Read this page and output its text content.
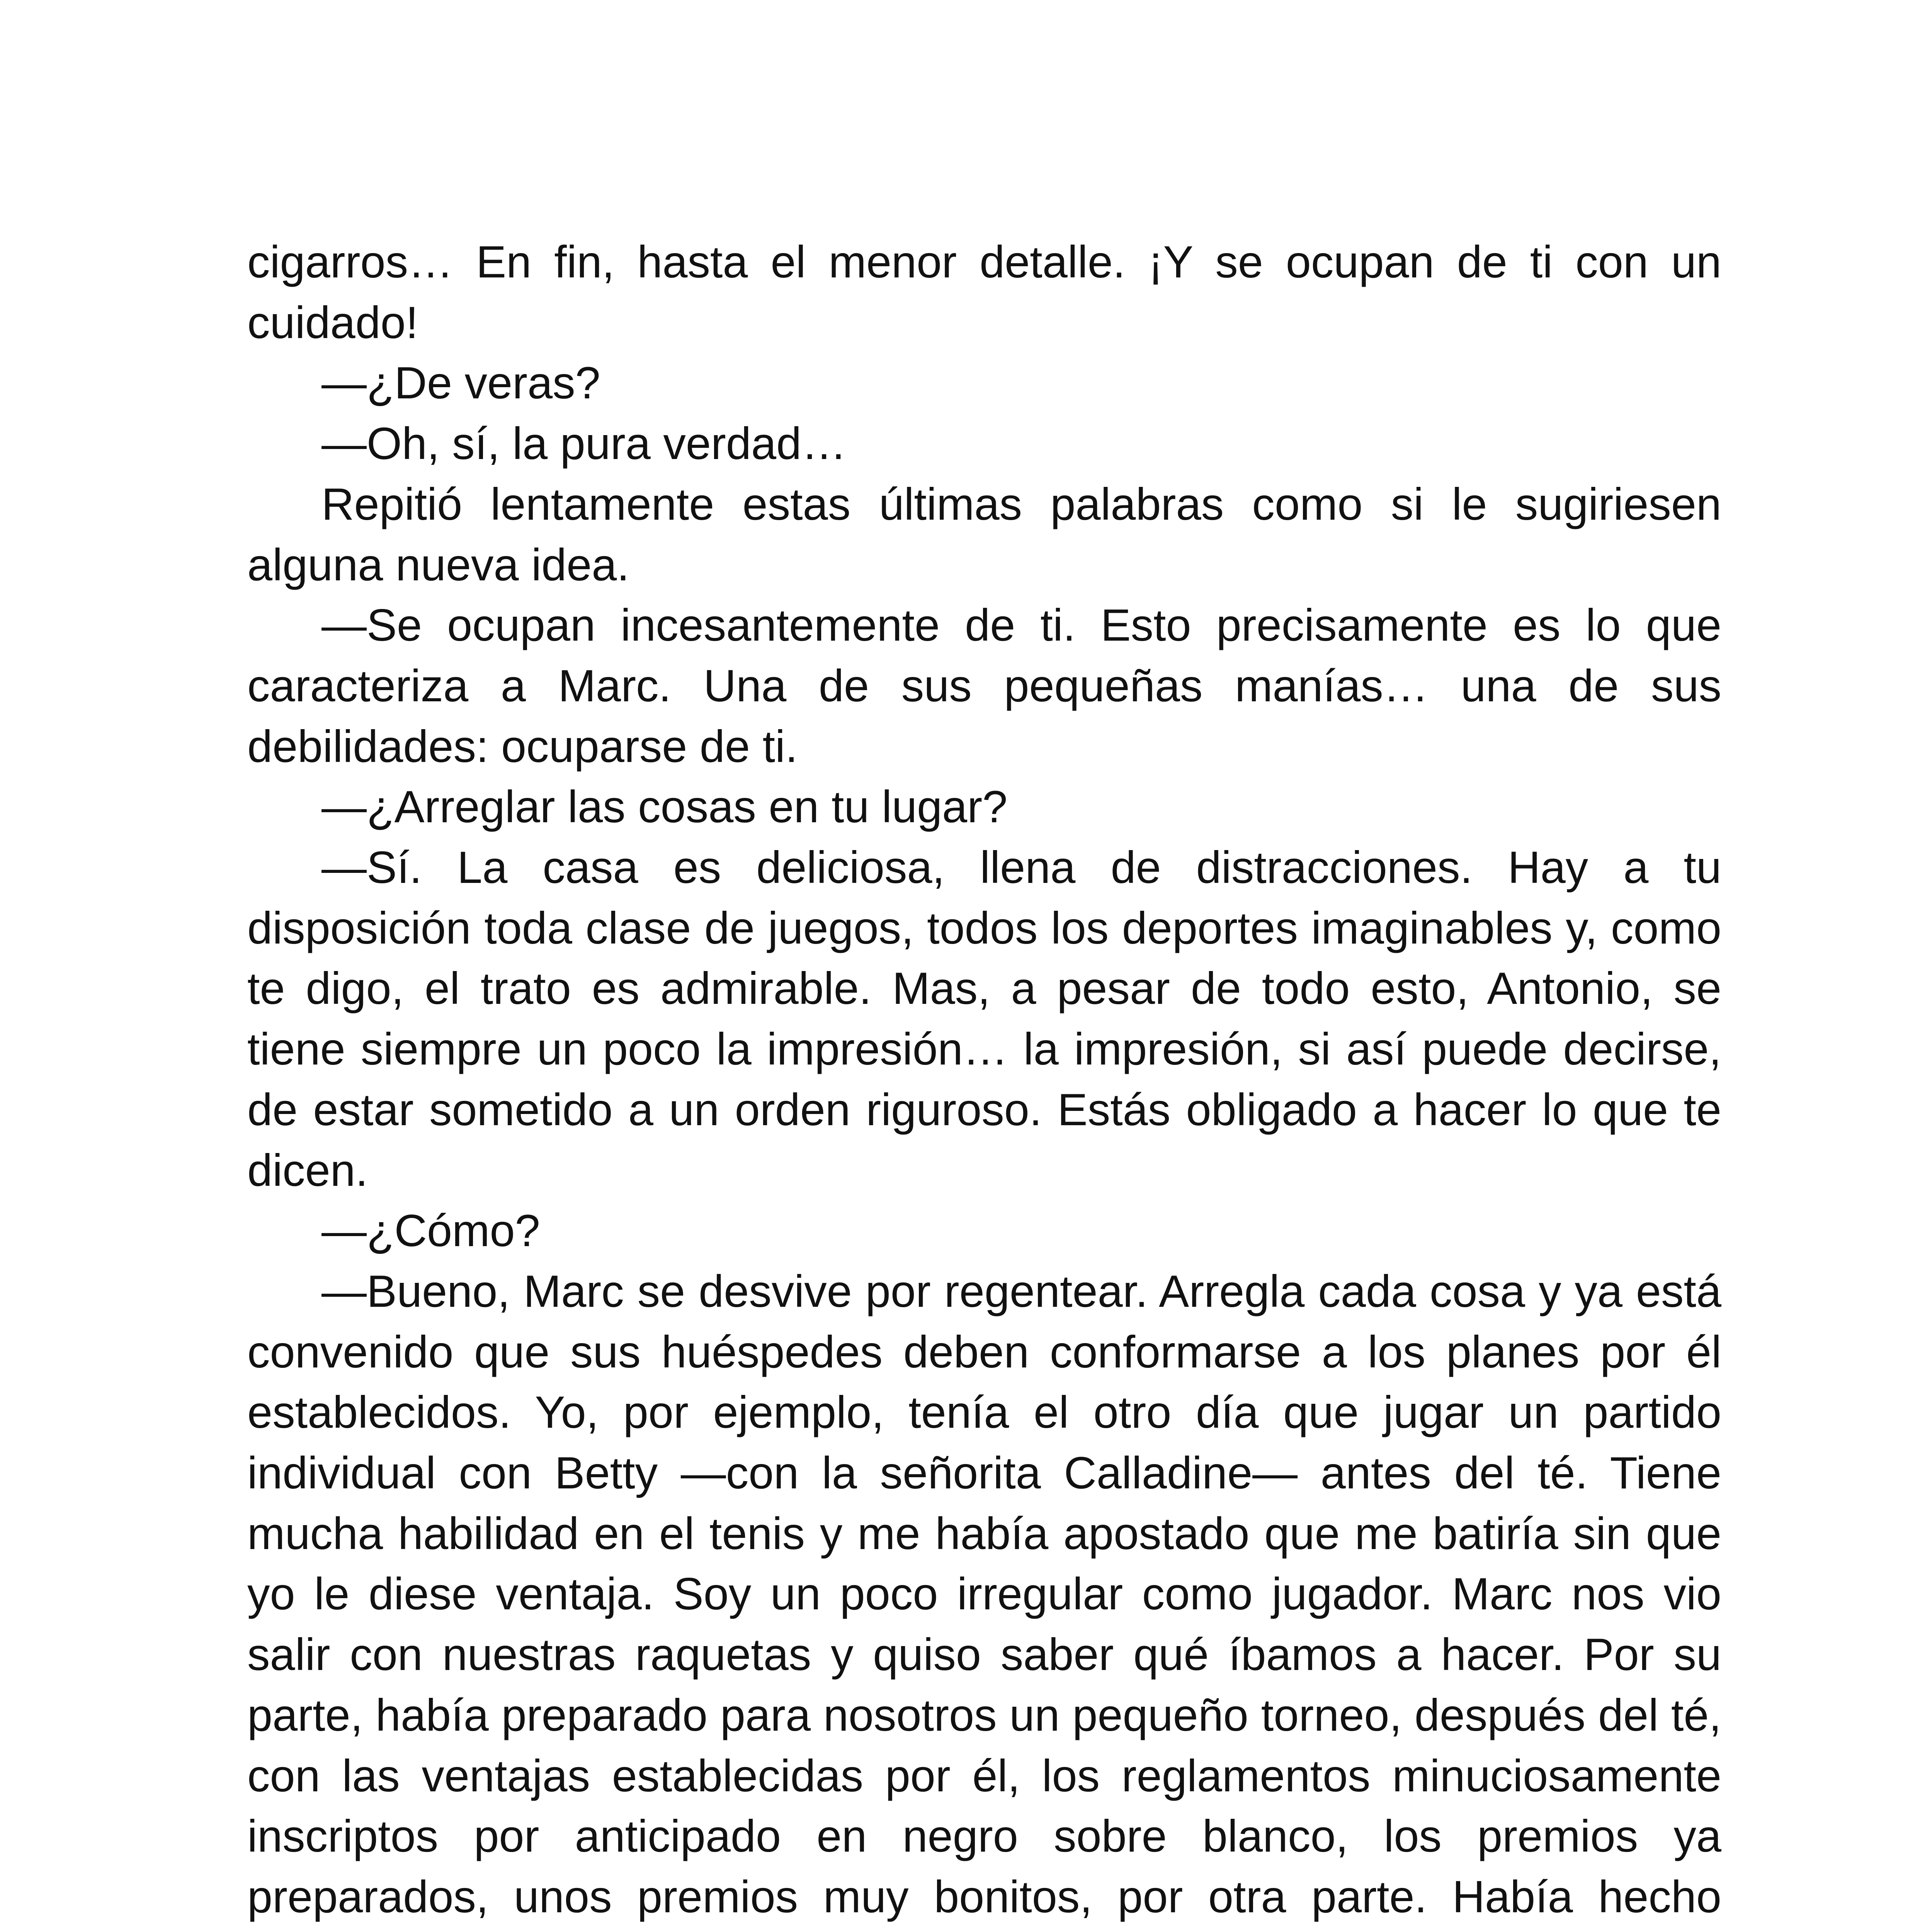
cigarros… En fin, hasta el menor detalle. ¡Y se ocupan de ti con un cuidado!

—¿De veras?

—Oh, sí, la pura verdad…

Repitió lentamente estas últimas palabras como si le sugiriesen alguna nueva idea.

—Se ocupan incesantemente de ti. Esto precisamente es lo que caracteriza a Marc. Una de sus pequeñas manías… una de sus debilidades: ocuparse de ti.

—¿Arreglar las cosas en tu lugar?

—Sí. La casa es deliciosa, llena de distracciones. Hay a tu disposición toda clase de juegos, todos los deportes imaginables y, como te digo, el trato es admirable. Mas, a pesar de todo esto, Antonio, se tiene siempre un poco la impresión… la impresión, si así puede decirse, de estar sometido a un orden riguroso. Estás obligado a hacer lo que te dicen.

—¿Cómo?

—Bueno, Marc se desvive por regentear. Arregla cada cosa y ya está convenido que sus huéspedes deben conformarse a los planes por él establecidos. Yo, por ejemplo, tenía el otro día que jugar un partido individual con Betty —con la señorita Calladine— antes del té. Tiene mucha habilidad en el tenis y me había apostado que me batiría sin que yo le diese ventaja. Soy un poco irregular como jugador. Marc nos vio salir con nuestras raquetas y quiso saber qué íbamos a hacer. Por su parte, había preparado para nosotros un pequeño torneo, después del té, con las ventajas establecidas por él, los reglamentos minuciosamente inscriptos por anticipado en negro sobre blanco, los premios ya preparados, unos premios muy bonitos, por otra parte. Había hecho
